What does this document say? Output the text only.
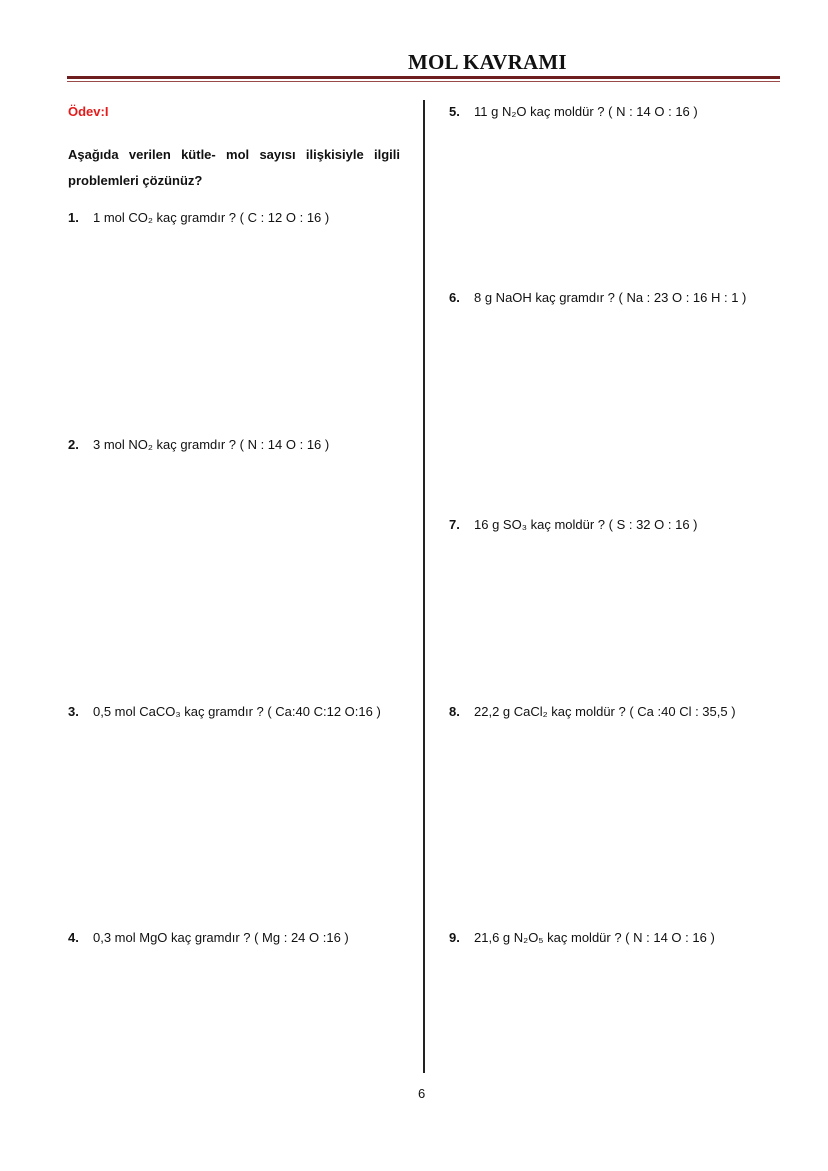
MOL KAVRAMI
Ödev:I
Aşağıda verilen kütle- mol sayısı ilişkisiyle ilgili problemleri çözünüz?
1. 1 mol CO₂ kaç gramdır ? ( C : 12 O : 16 )
2. 3 mol NO₂ kaç gramdır ? ( N : 14 O : 16 )
3. 0,5 mol CaCO₃ kaç gramdır ? ( Ca:40 C:12 O:16 )
4. 0,3 mol MgO kaç gramdır ? ( Mg : 24 O :16 )
5. 11 g N₂O kaç moldür ? ( N : 14 O : 16 )
6. 8 g NaOH kaç gramdır ? ( Na : 23 O : 16 H : 1 )
7. 16 g SO₃ kaç moldür ? ( S : 32 O : 16 )
8. 22,2 g CaCl₂ kaç moldür ? ( Ca :40 Cl : 35,5 )
9. 21,6 g N₂O₅ kaç moldür ? ( N : 14 O : 16 )
6
